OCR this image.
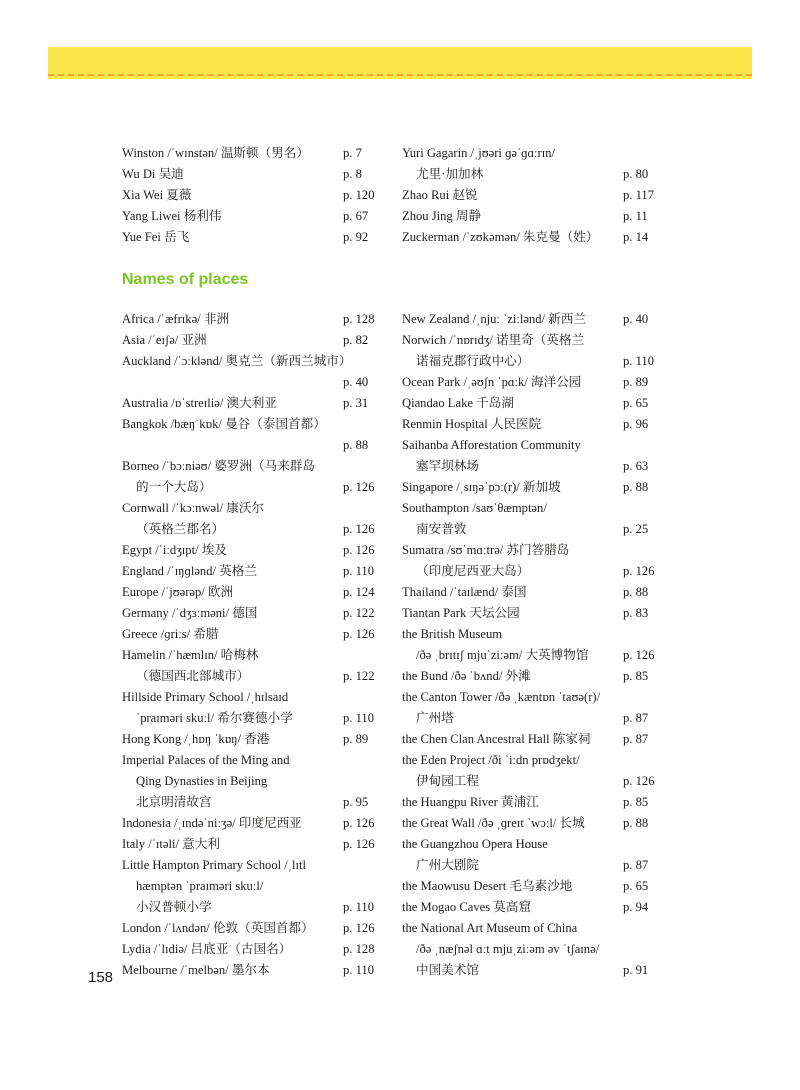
Winston /ˈwɪnstən/ 温斯顿（男名）	p. 7
Wu Di 吴迪	p. 8
Xia Wei 夏薇	p. 120
Yang Liwei 杨利伟	p. 67
Yue Fei 岳飞	p. 92
Yuri Gagarin /ˌjʊəri ɡəˈɡɑːrɪn/
尤里·加加林	p. 80
Zhao Rui 赵锐	p. 117
Zhou Jing 周静	p. 11
Zuckerman /ˈzʊkəmən/ 朱克曼（姓） p. 14
Names of places
Africa /ˈæfrɪkə/ 非洲	p. 128
Asia /ˈeɪʃə/ 亚洲	p. 82
Auckland /ˈɔːklənd/ 奥克兰（新西兰城市）
p. 40
Australia /ɒˈstreɪliə/ 澳大利亚	p. 31
Bangkok /bæŋˈkɒk/ 曼谷（泰国首都）
p. 88
Borneo /ˈbɔːniəʊ/ 婆罗洲（马来群岛
的一个大岛）	p. 126
Cornwall /ˈkɔːnwəl/ 康沃尔
（英格兰郡名）	p. 126
Egypt /ˈiːdʒɪpt/ 埃及	p. 126
England /ˈɪŋɡlənd/ 英格兰	p. 110
Europe /ˈjʊərəp/ 欧洲	p. 124
Germany /ˈdʒɜːməni/ 德国	p. 122
Greece /ɡriːs/ 希腊	p. 126
Hamelin /ˈhæmlɪn/ 哈梅林
（德国西北部城市）	p. 122
Hillside Primary School /ˌhɪlsaɪd
ˈpraɪməri skuːl/ 希尔赛德小学	p. 110
Hong Kong /ˌhɒŋ ˈkɒŋ/ 香港	p. 89
Imperial Palaces of the Ming and
Qing Dynasties in Beijing
北京明清故宫	p. 95
Indonesia /ˌɪndəˈniːʒə/ 印度尼西亚	p. 126
Italy /ˈɪtəli/ 意大利	p. 126
Little Hampton Primary School /ˌlɪtl
hæmptən ˈpraɪməri skuːl/
小汉普顿小学	p. 110
London /ˈlʌndən/ 伦敦（英国首都） p. 126
Lydia /ˈlɪdiə/ 吕底亚（古国名）	p. 128
Melbourne /ˈmelbən/ 墨尔本	p. 110
New Zealand /ˌnjuː ˈziːlənd/ 新西兰	p. 40
Norwich /ˈnɒrɪdʒ/ 诺里奇（英格兰
诺福克郡行政中心）	p. 110
Ocean Park /ˌəʊʃn ˈpɑːk/ 海洋公园	p. 89
Qiandao Lake 千岛湖	p. 65
Renmin Hospital 人民医院	p. 96
Saihanba Afforestation Community
塞罕坝林场	p. 63
Singapore /ˌsɪŋəˈpɔː(r)/ 新加坡	p. 88
Southampton /saʊˈθæmptən/
南安普敦	p. 25
Sumatra /sʊˈmɑːtrə/ 苏门答腊岛
（印度尼西亚大岛）	p. 126
Thailand /ˈtaɪlænd/ 泰国	p. 88
Tiantan Park 天坛公园	p. 83
the British Museum
/ðə ˌbrɪtɪʃ mjuˈziːəm/ 大英博物馆	p. 126
the Bund /ðə ˈbʌnd/ 外滩	p. 85
the Canton Tower /ðə ˌkæntɒn ˈtaʊə(r)/
广州塔	p. 87
the Chen Clan Ancestral Hall 陈家祠	p. 87
the Eden Project /ði ˈiːdn prɒdʒekt/
伊甸园工程	p. 126
the Huangpu River 黄浦江	p. 85
the Great Wall /ðə ˌɡreɪt ˈwɔːl/ 长城	p. 88
the Guangzhou Opera House
广州大剧院	p. 87
the Maowusu Desert 毛乌素沙地	p. 65
the Mogao Caves 莫高窟	p. 94
the National Art Museum of China
/ðə ˌnæʃnəl ɑːt mjuˌziːəm əv ˈtʃaɪnə/
中国美术馆	p. 91
158
